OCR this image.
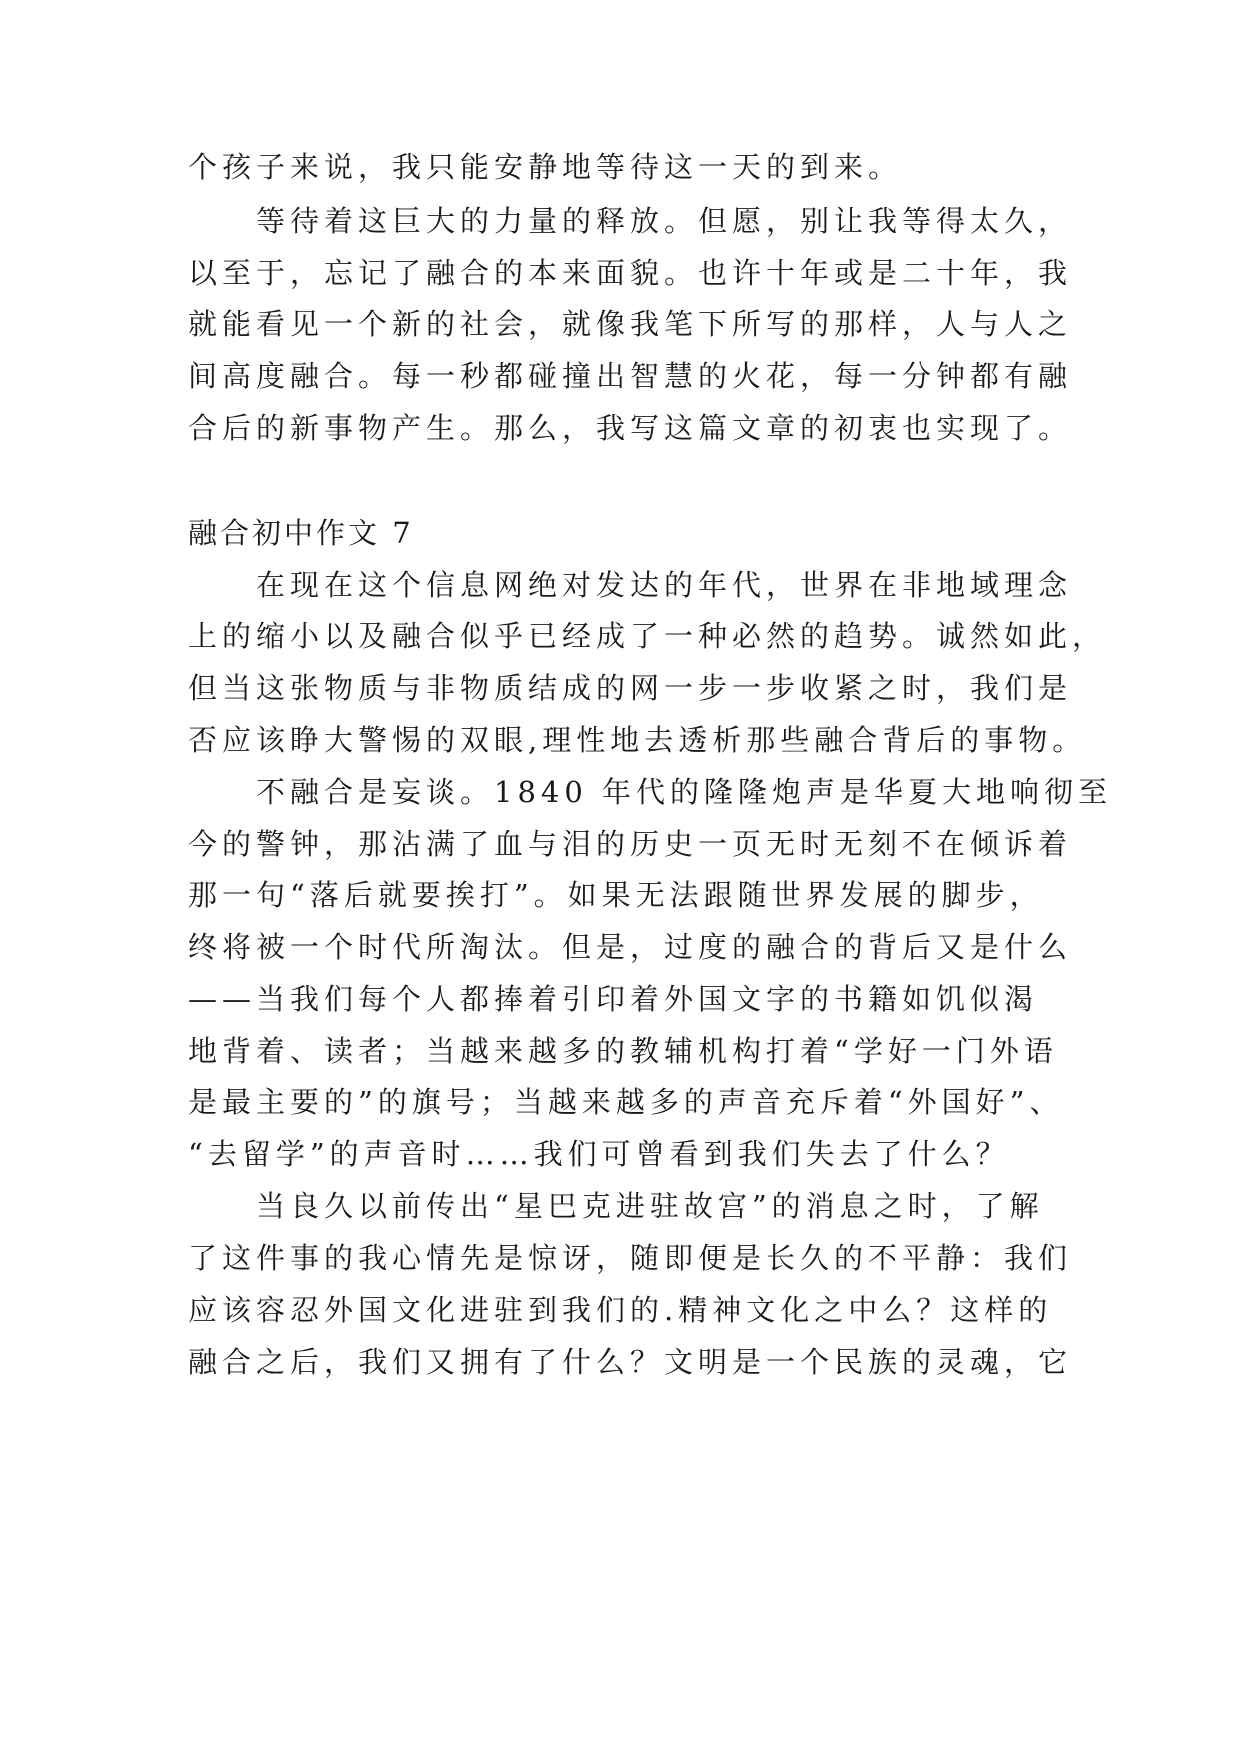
个孩子来说，我只能安静地等待这一天的到来。
等待着这巨大的力量的释放。但愿，别让我等得太久，
以至于，忘记了融合的本来面貌。也许十年或是二十年，我
就能看见一个新的社会，就像我笔下所写的那样，人与人之
间高度融合。每一秒都碰撞出智慧的火花，每一分钟都有融
合后的新事物产生。那么，我写这篇文章的初衷也实现了。
融合初中作文 7
在现在这个信息网绝对发达的年代，世界在非地域理念
上的缩小以及融合似乎已经成了一种必然的趋势。诚然如此，
但当这张物质与非物质结成的网一步一步收紧之时，我们是
否应该睁大警惕的双眼,理性地去透析那些融合背后的事物。
不融合是妄谈。1840 年代的隆隆炮声是华夏大地响彻至
今的警钟，那沾满了血与泪的历史一页无时无刻不在倾诉着
那一句“落后就要挨打”。如果无法跟随世界发展的脚步，
终将被一个时代所淘汰。但是，过度的融合的背后又是什么
——当我们每个人都捧着引印着外国文字的书籍如饥似渴
地背着、读者；当越来越多的教辅机构打着“学好一门外语
是最主要的”的旗号；当越来越多的声音充斥着“外国好”、
“去留学”的声音时……我们可曾看到我们失去了什么？
当良久以前传出“星巴克进驻故宫”的消息之时，了解
了这件事的我心情先是惊讶，随即便是长久的不平静：我们
应该容忍外国文化进驻到我们的.精神文化之中么？这样的
融合之后，我们又拥有了什么？文明是一个民族的灵魂，它
